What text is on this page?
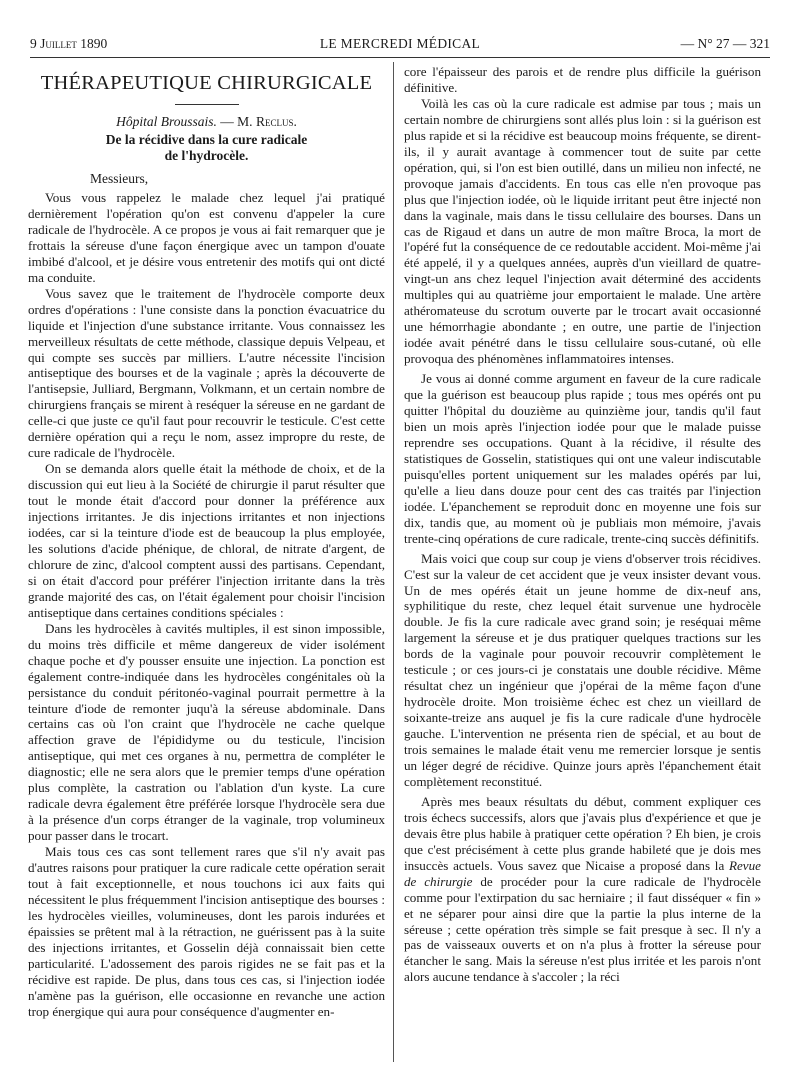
9 Juillet 1890	LE MERCREDI MÉDICAL	— N° 27 — 321
THÉRAPEUTIQUE CHIRURGICALE
Hôpital Broussais. — M. Reclus.
De la récidive dans la cure radicale
de l'hydrocèle.
Messieurs,

Vous vous rappelez le malade chez lequel j'ai pratiqué dernièrement l'opération qu'on est convenu d'appeler la cure radicale de l'hydrocèle. A ce propos je vous ai fait remarquer que je frottais la séreuse d'une façon énergique avec un tampon d'ouate imbibé d'alcool, et je désire vous entretenir des motifs qui ont dicté ma conduite.

Vous savez que le traitement de l'hydrocèle comporte deux ordres d'opérations : l'une consiste dans la ponction évacuatrice du liquide et l'injection d'une substance irritante. Vous connaissez les merveilleux résultats de cette méthode, classique depuis Velpeau, et qui compte ses succès par milliers. L'autre nécessite l'incision antiseptique des bourses et de la vaginale ; après la découverte de l'antisepsie, Julliard, Bergmann, Volkmann, et un certain nombre de chirurgiens français se mirent à reséquer la séreuse en ne gardant de celle-ci que juste ce qu'il faut pour recouvrir le testicule. C'est cette dernière opération qui a reçu le nom, assez impropre du reste, de cure radicale de l'hydrocèle.

On se demanda alors quelle était la méthode de choix, et de la discussion qui eut lieu à la Société de chirurgie il parut résulter que tout le monde était d'accord pour donner la préférence aux injections irritantes. Je dis injections irritantes et non injections iodées, car si la teinture d'iode est de beaucoup la plus employée, les solutions d'acide phénique, de chloral, de nitrate d'argent, de chlorure de zinc, d'alcool comptent aussi des partisans. Cependant, si on était d'accord pour préférer l'injection irritante dans la très grande majorité des cas, on l'était également pour choisir l'incision antiseptique dans certaines conditions spéciales :

Dans les hydrocèles à cavités multiples, il est sinon impossible, du moins très difficile et même dangereux de vider isolément chaque poche et d'y pousser ensuite une injection. La ponction est également contre-indiquée dans les hydrocèles congénitales où la persistance du conduit péritonéo-vaginal pourrait permettre à la teinture d'iode de remonter juqu'à la séreuse abdominale. Dans certains cas où l'on craint que l'hydrocèle ne cache quelque affection grave de l'épididyme ou du testicule, l'incision antiseptique, qui met ces organes à nu, permettra de compléter le diagnostic; elle ne sera alors que le premier temps d'une opération plus complète, la castration ou l'ablation d'un kyste. La cure radicale devra également être préférée lorsque l'hydrocèle sera due à la présence d'un corps étranger de la vaginale, trop volumineux pour passer dans le trocart.

Mais tous ces cas sont tellement rares que s'il n'y avait pas d'autres raisons pour pratiquer la cure radicale cette opération serait tout à fait exceptionnelle, et nous touchons ici aux faits qui nécessitent le plus fréquemment l'incision antiseptique des bourses : les hydrocèles vieilles, volumineuses, dont les parois indurées et épaissies se prêtent mal à la rétraction, ne guérissent pas à la suite des injections irritantes, et Gosselin déjà connaissait bien cette particularité. L'adossement des parois rigides ne se fait pas et la récidive est rapide. De plus, dans tous ces cas, si l'injection iodée n'amène pas la guérison, elle occasionne en revanche une action trop énergique qui aura pour conséquence d'augmenter en-

core l'épaisseur des parois et de rendre plus difficile la guérison définitive.

Voilà les cas où la cure radicale est admise par tous ; mais un certain nombre de chirurgiens sont allés plus loin : si la guérison est plus rapide et si la récidive est beaucoup moins fréquente, se dirent-ils, il y aurait avantage à commencer tout de suite par cette opération, qui, si l'on est bien outillé, dans un milieu non infecté, ne provoque jamais d'accidents. En tous cas elle n'en provoque pas plus que l'injection iodée, où le liquide irritant peut être injecté non dans la vaginale, mais dans le tissu cellulaire des bourses. Dans un cas de Rigaud et dans un autre de mon maître Broca, la mort de l'opéré fut la conséquence de ce redoutable accident. Moi-même j'ai été appelé, il y a quelques années, auprès d'un vieillard de quatre-vingt-un ans chez lequel l'injection avait déterminé des accidents multiples qui au quatrième jour emportaient le malade. Une artère athéromateuse du scrotum ouverte par le trocart avait occasionné une hémorrhagie abondante ; en outre, une partie de l'injection iodée avait pénétré dans le tissu cellulaire sous-cutané, où elle provoqua des phénomènes inflammatoires intenses.

Je vous ai donné comme argument en faveur de la cure radicale que la guérison est beaucoup plus rapide ; tous mes opérés ont pu quitter l'hôpital du douzième au quinzième jour, tandis qu'il faut bien un mois après l'injection iodée pour que le malade puisse reprendre ses occupations. Quant à la récidive, il résulte des statistiques de Gosselin, statistiques qui ont une valeur indiscutable puisqu'elles portent uniquement sur les malades opérés par lui, qu'elle a lieu dans douze pour cent des cas traités par l'injection iodée. L'épanchement se reproduit donc en moyenne une fois sur dix, tandis que, au moment où je publiais mon mémoire, j'avais trente-cinq opérations de cure radicale, trente-cinq succès définitifs.

Mais voici que coup sur coup je viens d'observer trois récidives. C'est sur la valeur de cet accident que je veux insister devant vous. Un de mes opérés était un jeune homme de dix-neuf ans, syphilitique du reste, chez lequel était survenue une hydrocèle double. Je fis la cure radicale avec grand soin; je reséquai même largement la séreuse et je dus pratiquer quelques tractions sur les bords de la vaginale pour pouvoir recouvrir complètement le testicule ; or ces jours-ci je constatais une double récidive. Même résultat chez un ingénieur que j'opérai de la même façon d'une hydrocèle droite. Mon troisième échec est chez un vieillard de soixante-treize ans auquel je fis la cure radicale d'une hydrocèle gauche. L'intervention ne présenta rien de spécial, et au bout de trois semaines le malade était venu me remercier lorsque je sentis un léger degré de récidive. Quinze jours après l'épanchement était complètement reconstitué.

Après mes beaux résultats du début, comment expliquer ces trois échecs successifs, alors que j'avais plus d'expérience et que je devais être plus habile à pratiquer cette opération ? Eh bien, je crois que c'est précisément à cette plus grande habileté que je dois mes insuccès actuels. Vous savez que Nicaise a proposé dans la Revue de chirurgie de procéder pour la cure radicale de l'hydrocèle comme pour l'extirpation du sac herniaire ; il faut disséquer « fin » et ne séparer pour ainsi dire que la partie la plus interne de la séreuse ; cette opération très simple se fait presque à sec. Il n'y a pas de vaisseaux ouverts et on n'a plus à frotter la séreuse pour étancher le sang. Mais la séreuse n'est plus irritée et les parois n'ont alors aucune tendance à s'accoler ; la réci
